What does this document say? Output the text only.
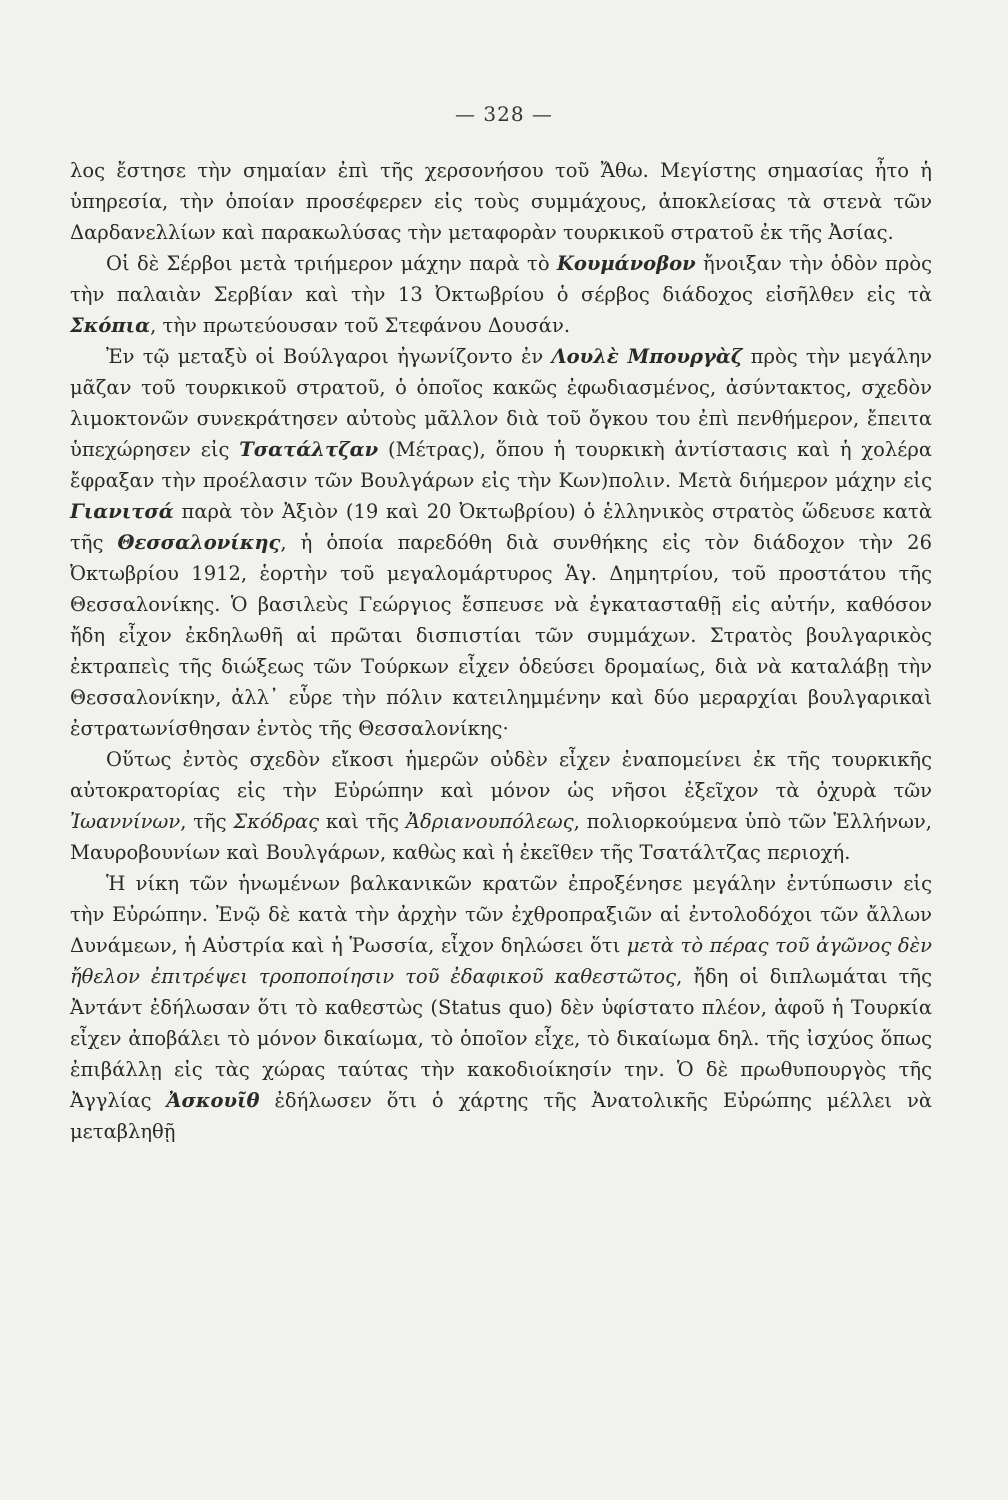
— 328 —

λος ἔστησε τὴν σημαίαν ἐπὶ τῆς χερσονήσου τοῦ Ἄθω. Μεγίστης σημασίας ἦτο ἡ ὑπηρεσία, τὴν ὁποίαν προσέφερεν εἰς τοὺς συμμάχους, ἀποκλείσας τὰ στενὰ τῶν Δαρδανελλίων καὶ παρακωλύσας τὴν μεταφορὰν τουρκικοῦ στρατοῦ ἐκ τῆς Ἀσίας.

Οἱ δὲ Σέρβοι μετὰ τριήμερον μάχην παρὰ τὸ Κουμάνοβον ἤνοιξαν τὴν ὁδὸν πρὸς τὴν παλαιὰν Σερβίαν καὶ τὴν 13 Ὀκτωβρίου ὁ σέρβος διάδοχος εἰσῆλθεν εἰς τὰ Σκόπια, τὴν πρωτεύουσαν τοῦ Στεφάνου Δουσάν.

Ἐν τῷ μεταξὺ οἱ Βούλγαροι ἠγωνίζοντο ἐν Λουλὲ Μπουργὰζ πρὸς τὴν μεγάλην μᾶζαν τοῦ τουρκικοῦ στρατοῦ, ὁ ὁποῖος κακῶς ἐφωδιασμένος, ἀσύντακτος, σχεδὸν λιμοκτονῶν συνεκράτησεν αὐτοὺς μᾶλλον διὰ τοῦ ὄγκου του ἐπὶ πενθήμερον, ἔπειτα ὑπεχώρησεν εἰς Τσατάλτζαν (Μέτρας), ὅπου ἡ τουρκικὴ ἀντίστασις καὶ ἡ χολέρα ἔφραξαν τὴν προέλασιν τῶν Βουλγάρων εἰς τὴν Κων)πολιν. Μετὰ διήμερον μάχην εἰς Γιανιτσά παρὰ τὸν Ἀξιὸν (19 καὶ 20 Ὀκτωβρίου) ὁ ἑλληνικὸς στρατὸς ὥδευσε κατὰ τῆς Θεσσαλονίκης, ἡ ὁποία παρεδόθη διὰ συνθήκης εἰς τὸν διάδοχον τὴν 26 Ὀκτωβρίου 1912, ἑορτὴν τοῦ μεγαλομάρτυρος Ἁγ. Δημητρίου, τοῦ προστάτου τῆς Θεσσαλονίκης. Ὁ βασιλεὺς Γεώργιος ἔσπευσε νὰ ἐγκατασταθῇ εἰς αὐτήν, καθόσον ἤδη εἶχον ἐκδηλωθῆ αἱ πρῶται δισπιστίαι τῶν συμμάχων. Στρατὸς βουλγαρικὸς ἐκτραπεὶς τῆς διώξεως τῶν Τούρκων εἶχεν ὁδεύσει δρομαίως, διὰ νὰ καταλάβῃ τὴν Θεσσαλονίκην, ἀλλ᾽ εὗρε τὴν πόλιν κατειλημμένην καὶ δύο μεραρχίαι βουλγαρικαὶ ἐστρατωνίσθησαν ἐντὸς τῆς Θεσσαλονίκης·

Οὕτως ἐντὸς σχεδὸν εἴκοσι ἡμερῶν οὐδὲν εἶχεν ἐναπομείνει ἐκ τῆς τουρκικῆς αὐτοκρατορίας εἰς τὴν Εὐρώπην καὶ μόνον ὡς νῆσοι ἐξεῖχον τὰ ὀχυρὰ τῶν Ἰωαννίνων, τῆς Σκόδρας καὶ τῆς Ἀδριανουπόλεως, πολιορκούμενα ὑπὸ τῶν Ἑλλήνων, Μαυροβουνίων καὶ Βουλγάρων, καθὼς καὶ ἡ ἐκεῖθεν τῆς Τσατάλτζας περιοχή.

Ἡ νίκη τῶν ἡνωμένων βαλκανικῶν κρατῶν ἐπροξένησε μεγάλην ἐντύπωσιν εἰς τὴν Εὐρώπην. Ἐνῷ δὲ κατὰ τὴν ἀρχὴν τῶν ἐχθροπραξιῶν αἱ ἐντολοδόχοι τῶν ἄλλων Δυνάμεων, ἡ Αὐστρία καὶ ἡ Ῥωσσία, εἶχον δηλώσει ὅτι μετὰ τὸ πέρας τοῦ ἀγῶνος δὲν ἤθελον ἐπιτρέψει τροποποίησιν τοῦ ἐδαφικοῦ καθεστῶτος, ἤδη οἱ διπλωμάται τῆς Ἀντάντ ἐδήλωσαν ὅτι τὸ καθεστὼς (Status quo) δὲν ὑφίστατο πλέον, ἀφοῦ ἡ Τουρκία εἶχεν ἀποβάλει τὸ μόνον δικαίωμα, τὸ ὁποῖον εἶχε, τὸ δικαίωμα δηλ. τῆς ἰσχύος ὅπως ἐπιβάλλῃ εἰς τὰς χώρας ταύτας τὴν κακοδιοίκησίν την. Ὁ δὲ πρωθυπουργὸς τῆς Ἀγγλίας Ἀσκουῖθ ἐδήλωσεν ὅτι ὁ χάρτης τῆς Ἀνατολικῆς Εὐρώπης μέλλει νὰ μεταβληθῇ
